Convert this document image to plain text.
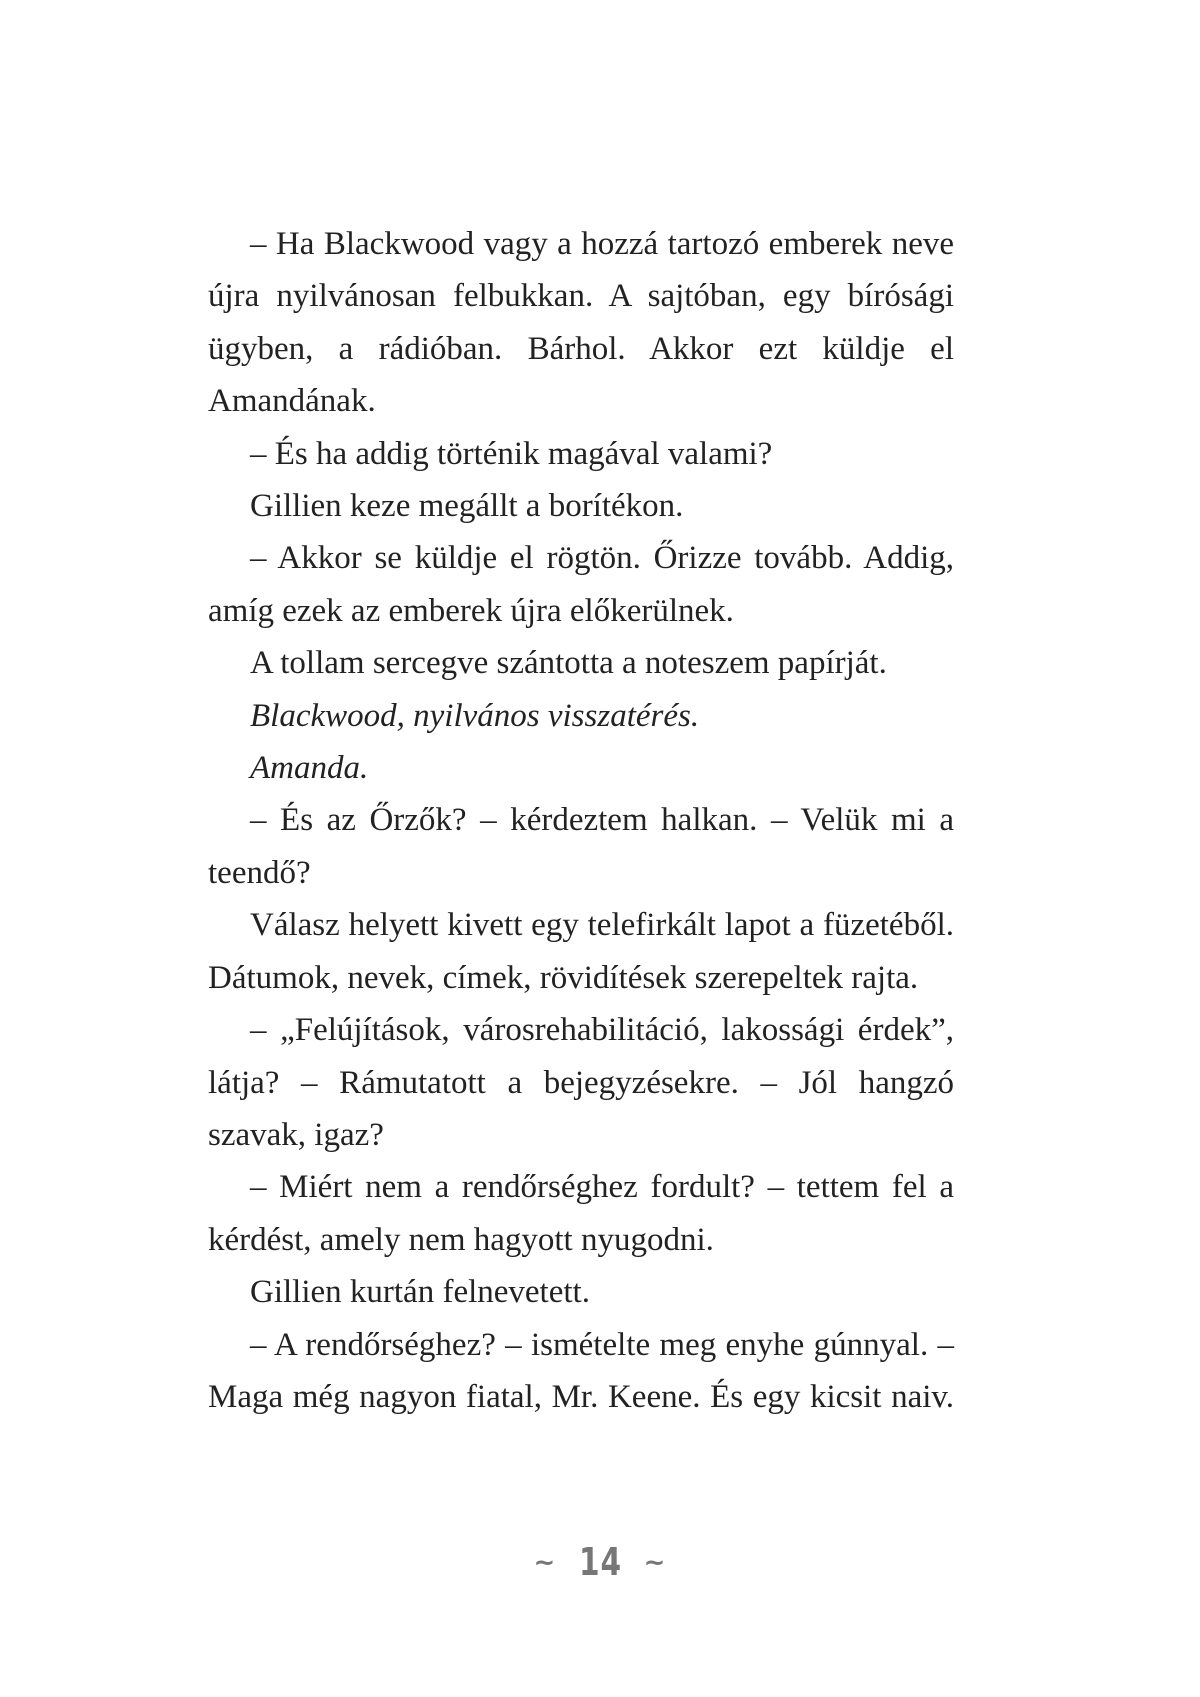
– Ha Blackwood vagy a hozzá tartozó emberek neve újra nyilvánosan felbukkan. A sajtóban, egy bírósági ügyben, a rádióban. Bárhol. Akkor ezt küldje el Amandának.

– És ha addig történik magával valami?

Gillien keze megállt a borítékon.

– Akkor se küldje el rögtön. Őrizze tovább. Addig, amíg ezek az emberek újra előkerülnek.

A tollam sercegve szántotta a noteszem papírját.

Blackwood, nyilvános visszatérés.

Amanda.

– És az Őrzők? – kérdeztem halkan. – Velük mi a teendő?

Válasz helyett kivett egy telefirkált lapot a füzetéből. Dátumok, nevek, címek, rövidítések szerepeltek rajta.

– „Felújítások, városrehabilitáció, lakossági érdek”, látja? – Rámutatott a bejegyzésekre. – Jól hangzó szavak, igaz?

– Miért nem a rendőrséghez fordult? – tettem fel a kérdést, amely nem hagyott nyugodni.

Gillien kurtán felnevetett.

– A rendőrséghez? – ismételte meg enyhe gúnnyal. – Maga még nagyon fiatal, Mr. Keene. És egy kicsit naiv.

~ 14 ~
